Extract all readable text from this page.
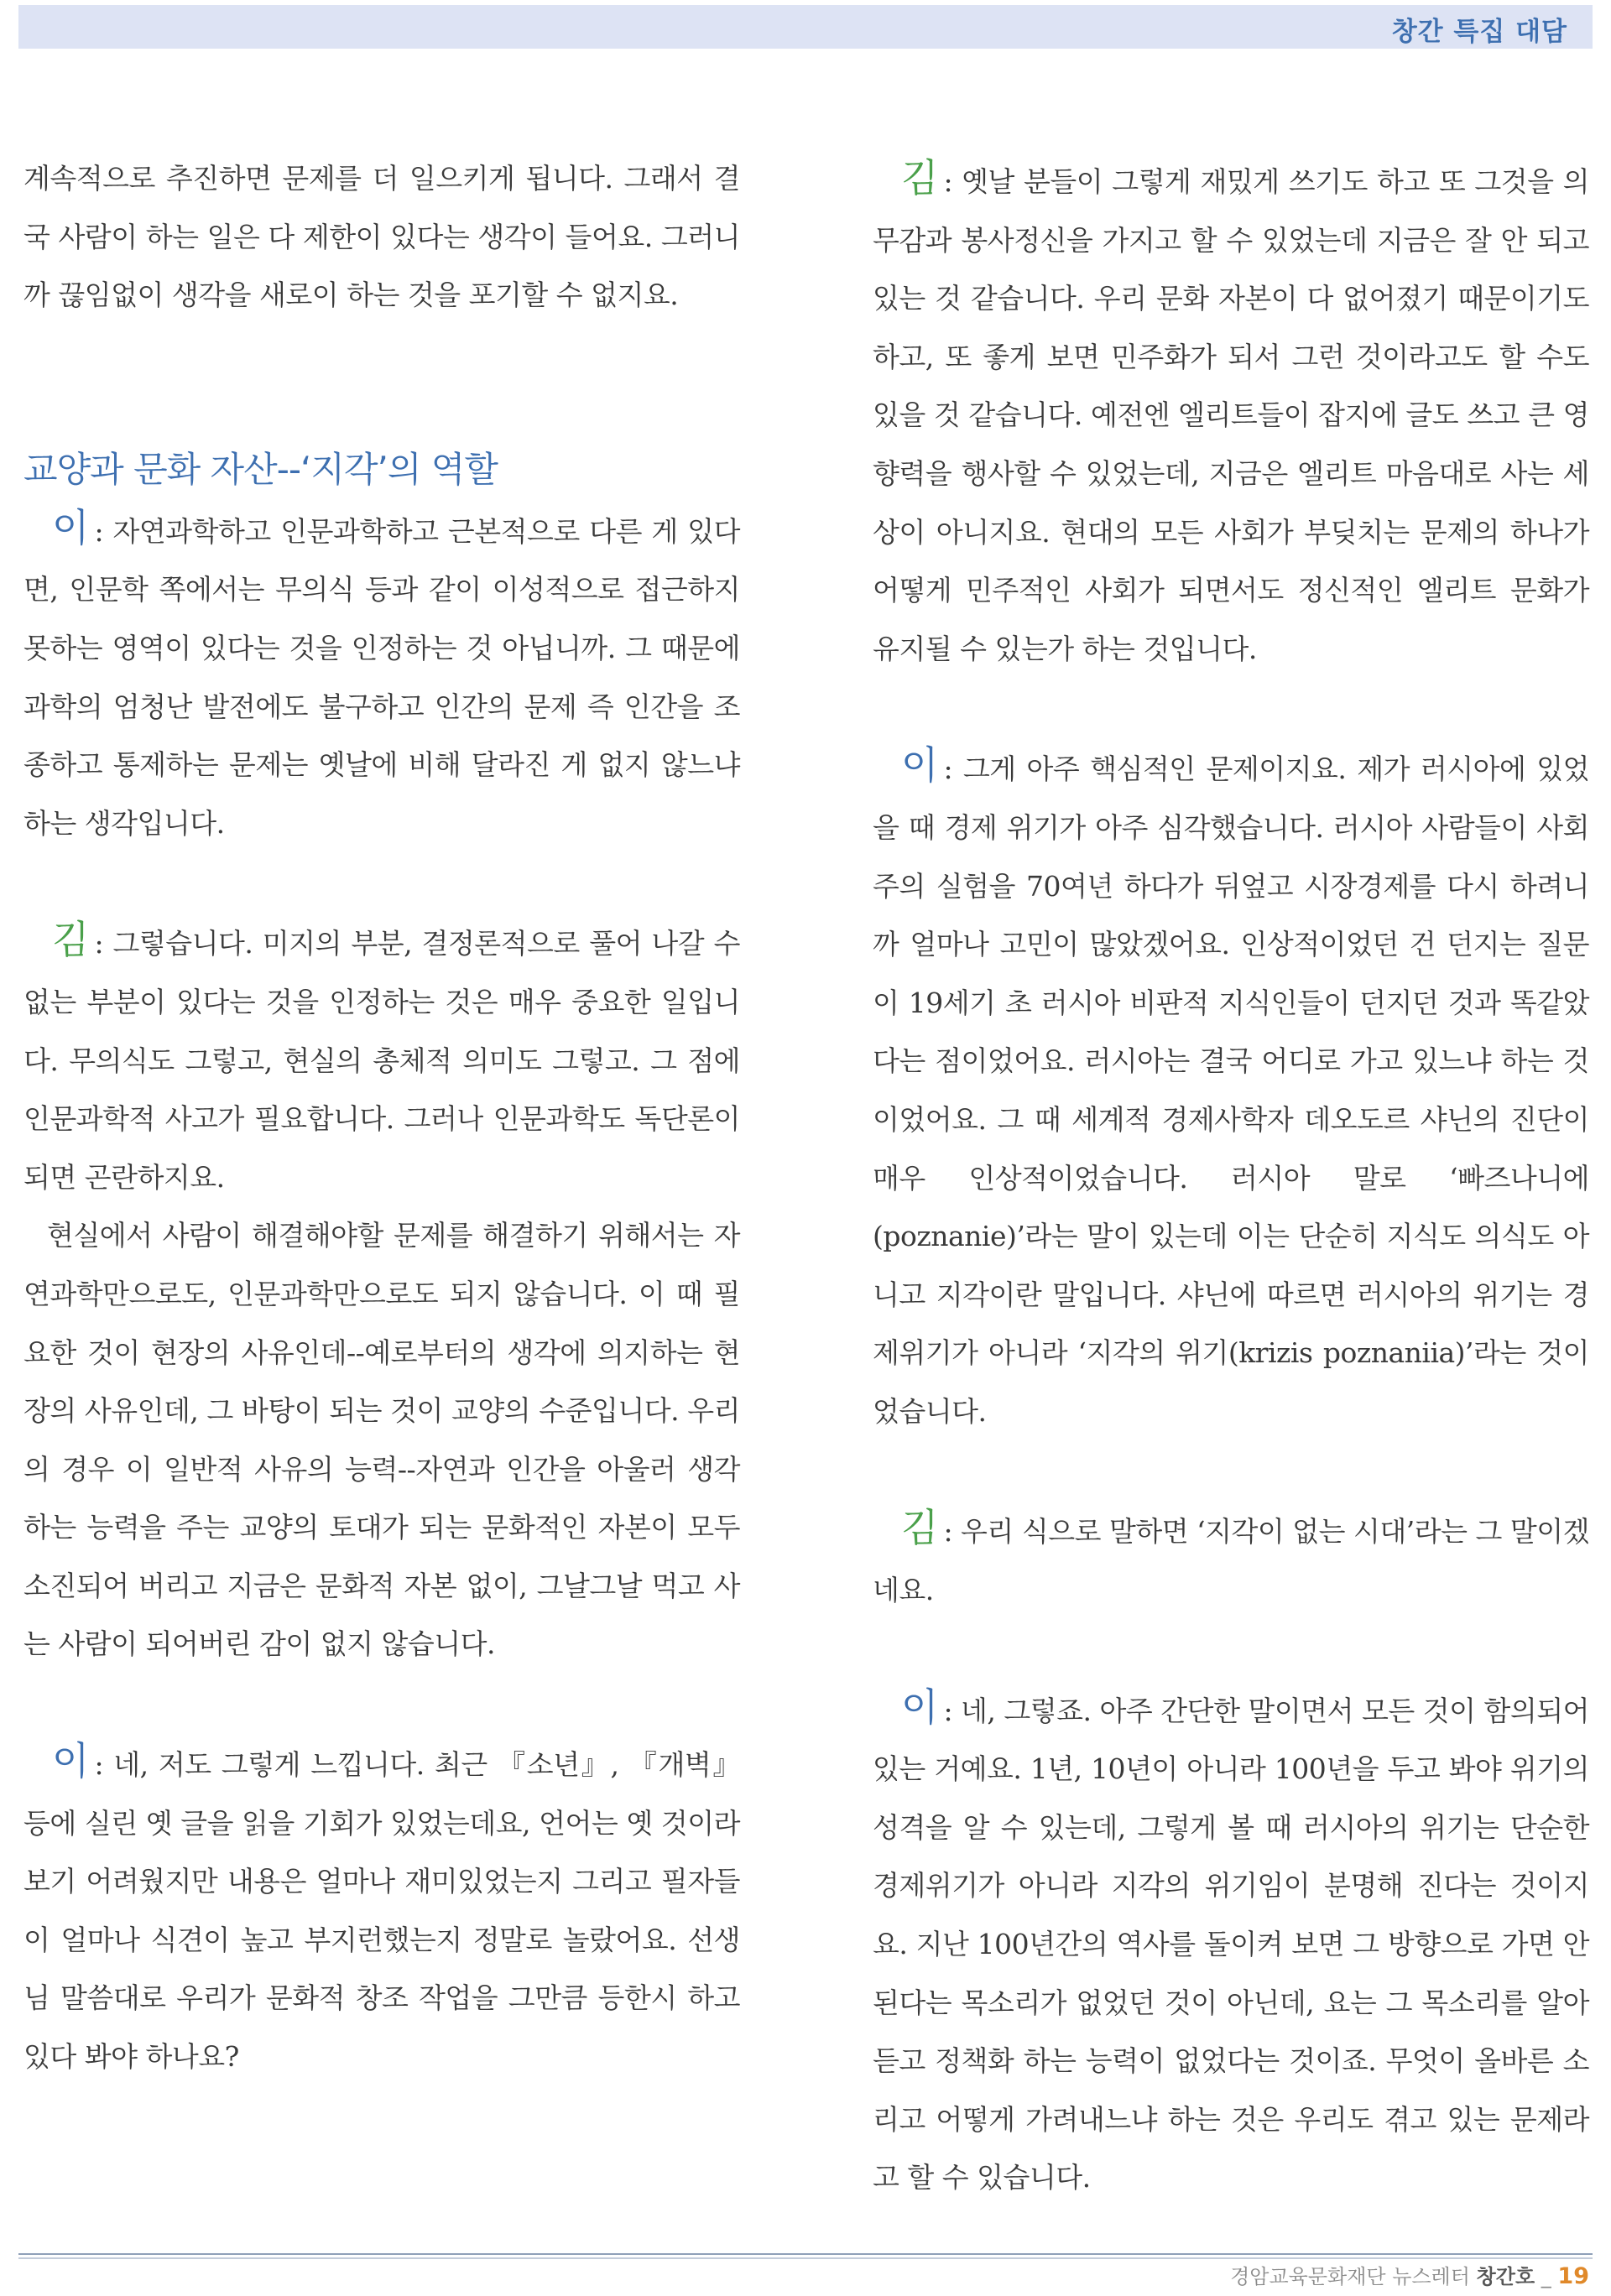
창간 특집 대담

계속적으로 추진하면 문제를 더 일으키게 됩니다. 그래서 결국 사람이 하는 일은 다 제한이 있다는 생각이 들어요. 그러니까 끊임없이 생각을 새로이 하는 것을 포기할 수 없지요.

교양과 문화 자산--‘지각’의 역할

이 : 자연과학하고 인문과학하고 근본적으로 다른 게 있다면, 인문학 쪽에서는 무의식 등과 같이 이성적으로 접근하지 못하는 영역이 있다는 것을 인정하는 것 아닙니까. 그 때문에 과학의 엄청난 발전에도 불구하고 인간의 문제 즉 인간을 조종하고 통제하는 문제는 옛날에 비해 달라진 게 없지 않느냐 하는 생각입니다.

김 : 그렇습니다. 미지의 부분, 결정론적으로 풀어 나갈 수 없는 부분이 있다는 것을 인정하는 것은 매우 중요한 일입니다. 무의식도 그렇고, 현실의 총체적 의미도 그렇고. 그 점에 인문과학적 사고가 필요합니다. 그러나 인문과학도 독단론이 되면 곤란하지요.

현실에서 사람이 해결해야할 문제를 해결하기 위해서는 자연과학만으로도, 인문과학만으로도 되지 않습니다. 이 때 필요한 것이 현장의 사유인데--예로부터의 생각에 의지하는 현장의 사유인데, 그 바탕이 되는 것이 교양의 수준입니다. 우리의 경우 이 일반적 사유의 능력--자연과 인간을 아울러 생각하는 능력을 주는 교양의 토대가 되는 문화적인 자본이 모두 소진되어 버리고 지금은 문화적 자본 없이, 그날그날 먹고 사는 사람이 되어버린 감이 없지 않습니다.

이 : 네, 저도 그렇게 느낍니다. 최근 『소년』, 『개벽』등에 실린 옛 글을 읽을 기회가 있었는데요, 언어는 옛 것이라 보기 어려웠지만 내용은 얼마나 재미있었는지 그리고 필자들이 얼마나 식견이 높고 부지런했는지 정말로 놀랐어요. 선생님 말씀대로 우리가 문화적 창조 작업을 그만큼 등한시 하고 있다 봐야 하나요?

김 : 옛날 분들이 그렇게 재밌게 쓰기도 하고 또 그것을 의무감과 봉사정신을 가지고 할 수 있었는데 지금은 잘 안 되고 있는 것 같습니다. 우리 문화 자본이 다 없어졌기 때문이기도 하고, 또 좋게 보면 민주화가 되서 그런 것이라고도 할 수도 있을 것 같습니다. 예전엔 엘리트들이 잡지에 글도 쓰고 큰 영향력을 행사할 수 있었는데, 지금은 엘리트 마음대로 사는 세상이 아니지요. 현대의 모든 사회가 부딪치는 문제의 하나가 어떻게 민주적인 사회가 되면서도 정신적인 엘리트 문화가 유지될 수 있는가 하는 것입니다.

이 : 그게 아주 핵심적인 문제이지요. 제가 러시아에 있었을 때 경제 위기가 아주 심각했습니다. 러시아 사람들이 사회주의 실험을 70여년 하다가 뒤엎고 시장경제를 다시 하려니까 얼마나 고민이 많았겠어요. 인상적이었던 건 던지는 질문이 19세기 초 러시아 비판적 지식인들이 던지던 것과 똑같았다는 점이었어요. 러시아는 결국 어디로 가고 있느냐 하는 것이었어요. 그 때 세계적 경제사학자 데오도르 샤닌의 진단이 매우 인상적이었습니다. 러시아 말로 ‘빠즈나니에(poznanie)’라는 말이 있는데 이는 단순히 지식도 의식도 아니고 지각이란 말입니다. 샤닌에 따르면 러시아의 위기는 경제위기가 아니라 ‘지각의 위기(krizis poznaniia)’라는 것이었습니다.

김 : 우리 식으로 말하면 ‘지각이 없는 시대’라는 그 말이겠네요.

이 : 네, 그렇죠. 아주 간단한 말이면서 모든 것이 함의되어 있는 거예요. 1년, 10년이 아니라 100년을 두고 봐야 위기의 성격을 알 수 있는데, 그렇게 볼 때 러시아의 위기는 단순한 경제위기가 아니라 지각의 위기임이 분명해 진다는 것이지요. 지난 100년간의 역사를 돌이켜 보면 그 방향으로 가면 안 된다는 목소리가 없었던 것이 아닌데, 요는 그 목소리를 알아듣고 정책화 하는 능력이 없었다는 것이죠. 무엇이 올바른 소리고 어떻게 가려내느냐 하는 것은 우리도 겪고 있는 문제라고 할 수 있습니다.

경암교육문화재단 뉴스레터 창간호 _ 19
